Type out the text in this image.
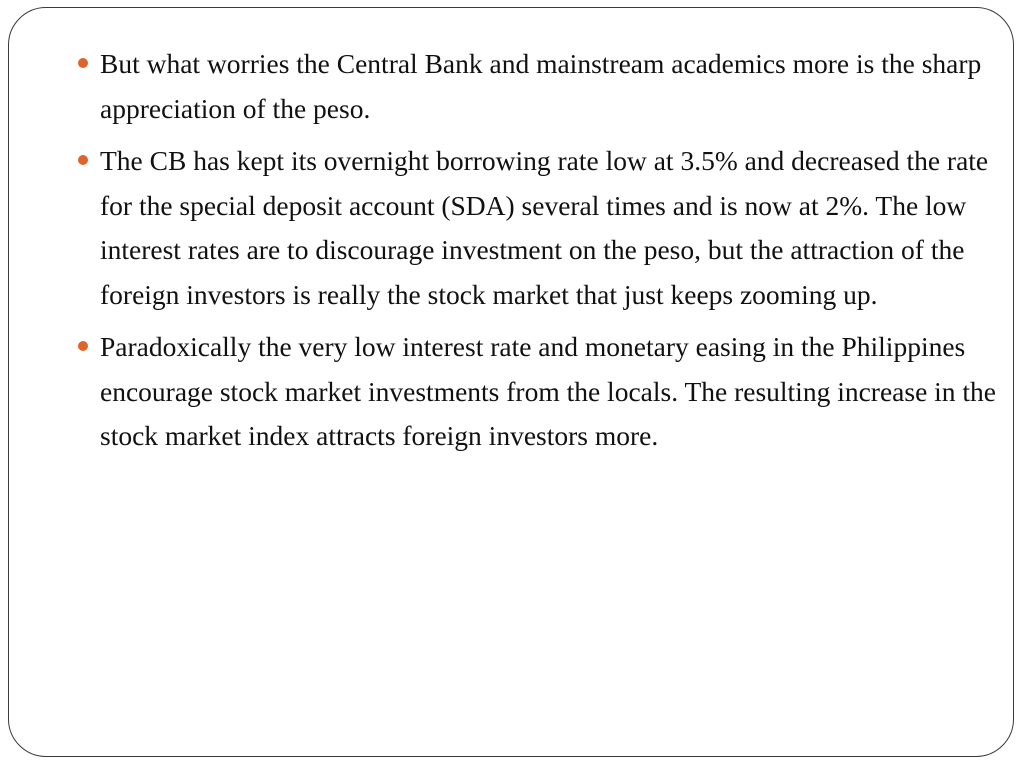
But what worries the Central Bank and mainstream academics more is the sharp appreciation of the peso.
The CB has kept its overnight borrowing rate low at 3.5% and decreased the rate for the special deposit account (SDA) several times and is now at 2%. The low interest rates are to discourage investment on the peso, but the attraction of the foreign investors is really the stock market that just keeps zooming up.
Paradoxically the very low interest rate and monetary easing in the Philippines encourage stock market investments from the locals. The resulting increase in the stock market index attracts foreign investors more.
